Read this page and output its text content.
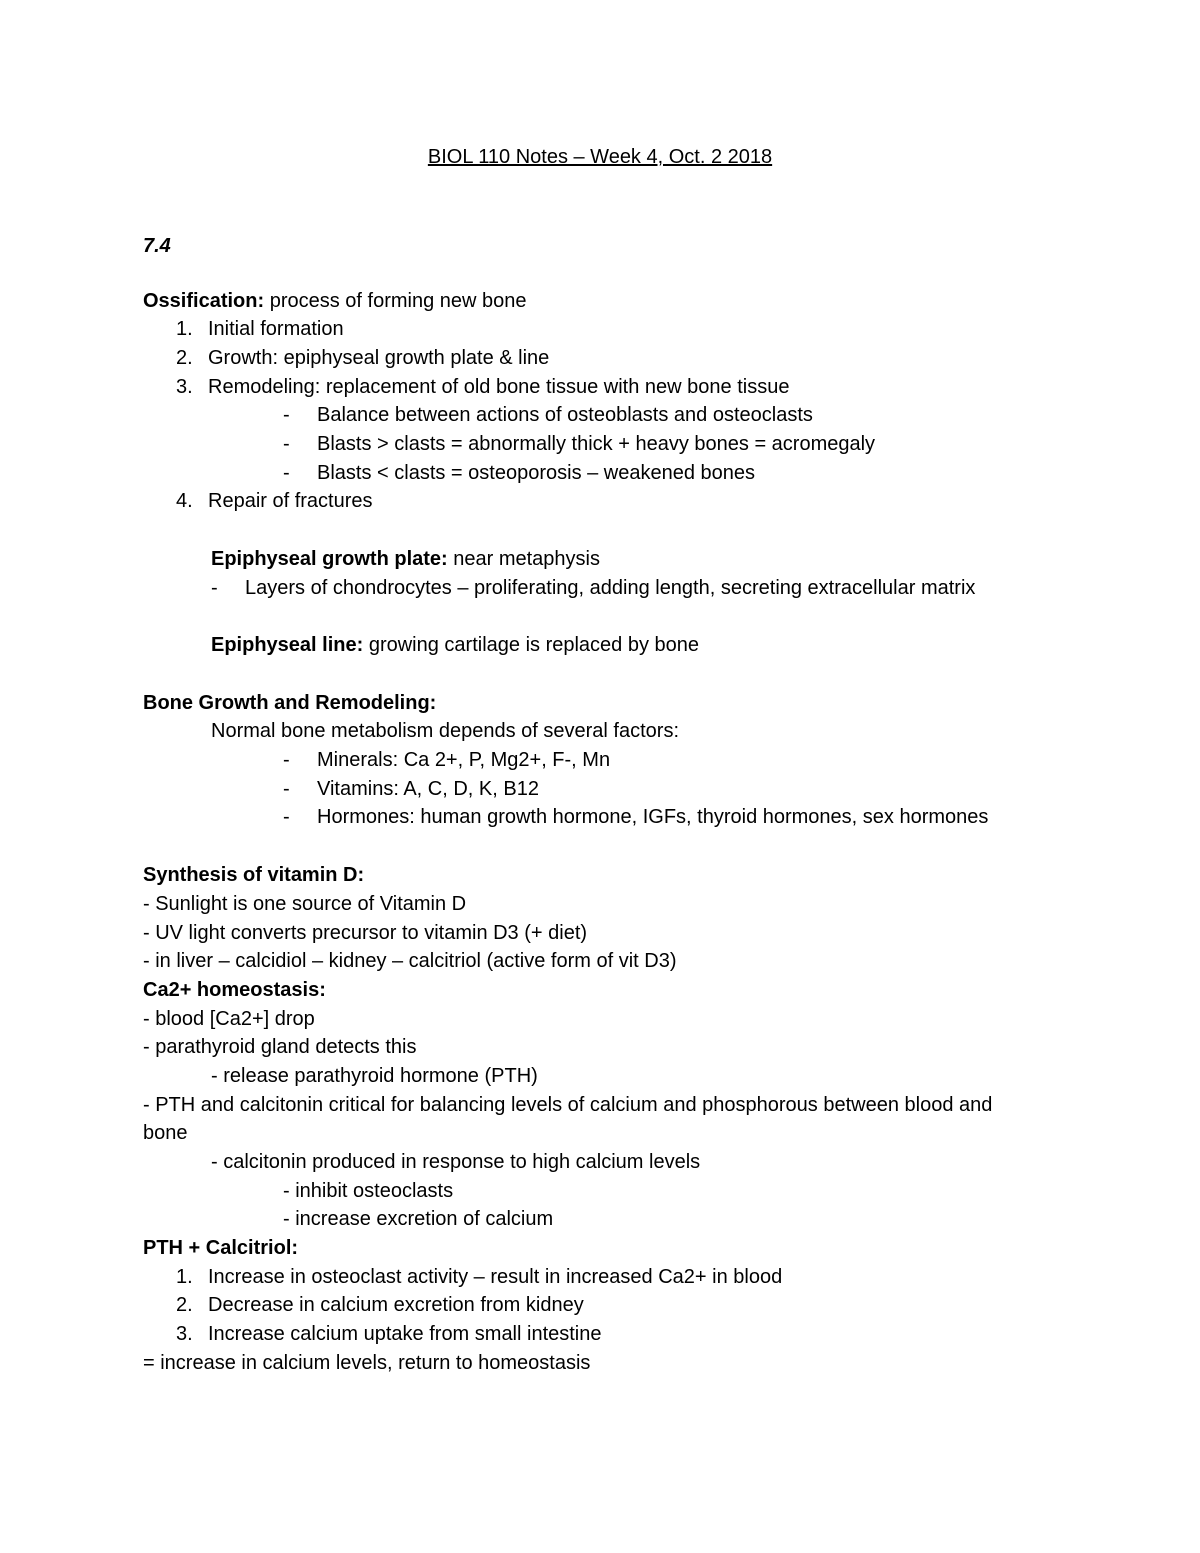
BIOL 110 Notes – Week 4, Oct. 2 2018
7.4
Ossification: process of forming new bone
1. Initial formation
2. Growth: epiphyseal growth plate & line
3. Remodeling: replacement of old bone tissue with new bone tissue
- Balance between actions of osteoblasts and osteoclasts
- Blasts > clasts = abnormally thick + heavy bones = acromegaly
- Blasts < clasts = osteoporosis – weakened bones
4. Repair of fractures
Epiphyseal growth plate: near metaphysis
- Layers of chondrocytes – proliferating, adding length, secreting extracellular matrix
Epiphyseal line: growing cartilage is replaced by bone
Bone Growth and Remodeling:
Normal bone metabolism depends of several factors:
- Minerals: Ca 2+, P, Mg2+, F-, Mn
- Vitamins: A, C, D, K, B12
- Hormones: human growth hormone, IGFs, thyroid hormones, sex hormones
Synthesis of vitamin D:
- Sunlight is one source of Vitamin D
- UV light converts precursor to vitamin D3 (+ diet)
- in liver – calcidiol – kidney – calcitriol (active form of vit D3)
Ca2+ homeostasis:
- blood [Ca2+] drop
- parathyroid gland detects this
- release parathyroid hormone (PTH)
- PTH and calcitonin critical for balancing levels of calcium and phosphorous between blood and
bone
- calcitonin produced in response to high calcium levels
- inhibit osteoclasts
- increase excretion of calcium
PTH + Calcitriol:
1. Increase in osteoclast activity – result in increased Ca2+ in blood
2. Decrease in calcium excretion from kidney
3. Increase calcium uptake from small intestine
= increase in calcium levels, return to homeostasis
